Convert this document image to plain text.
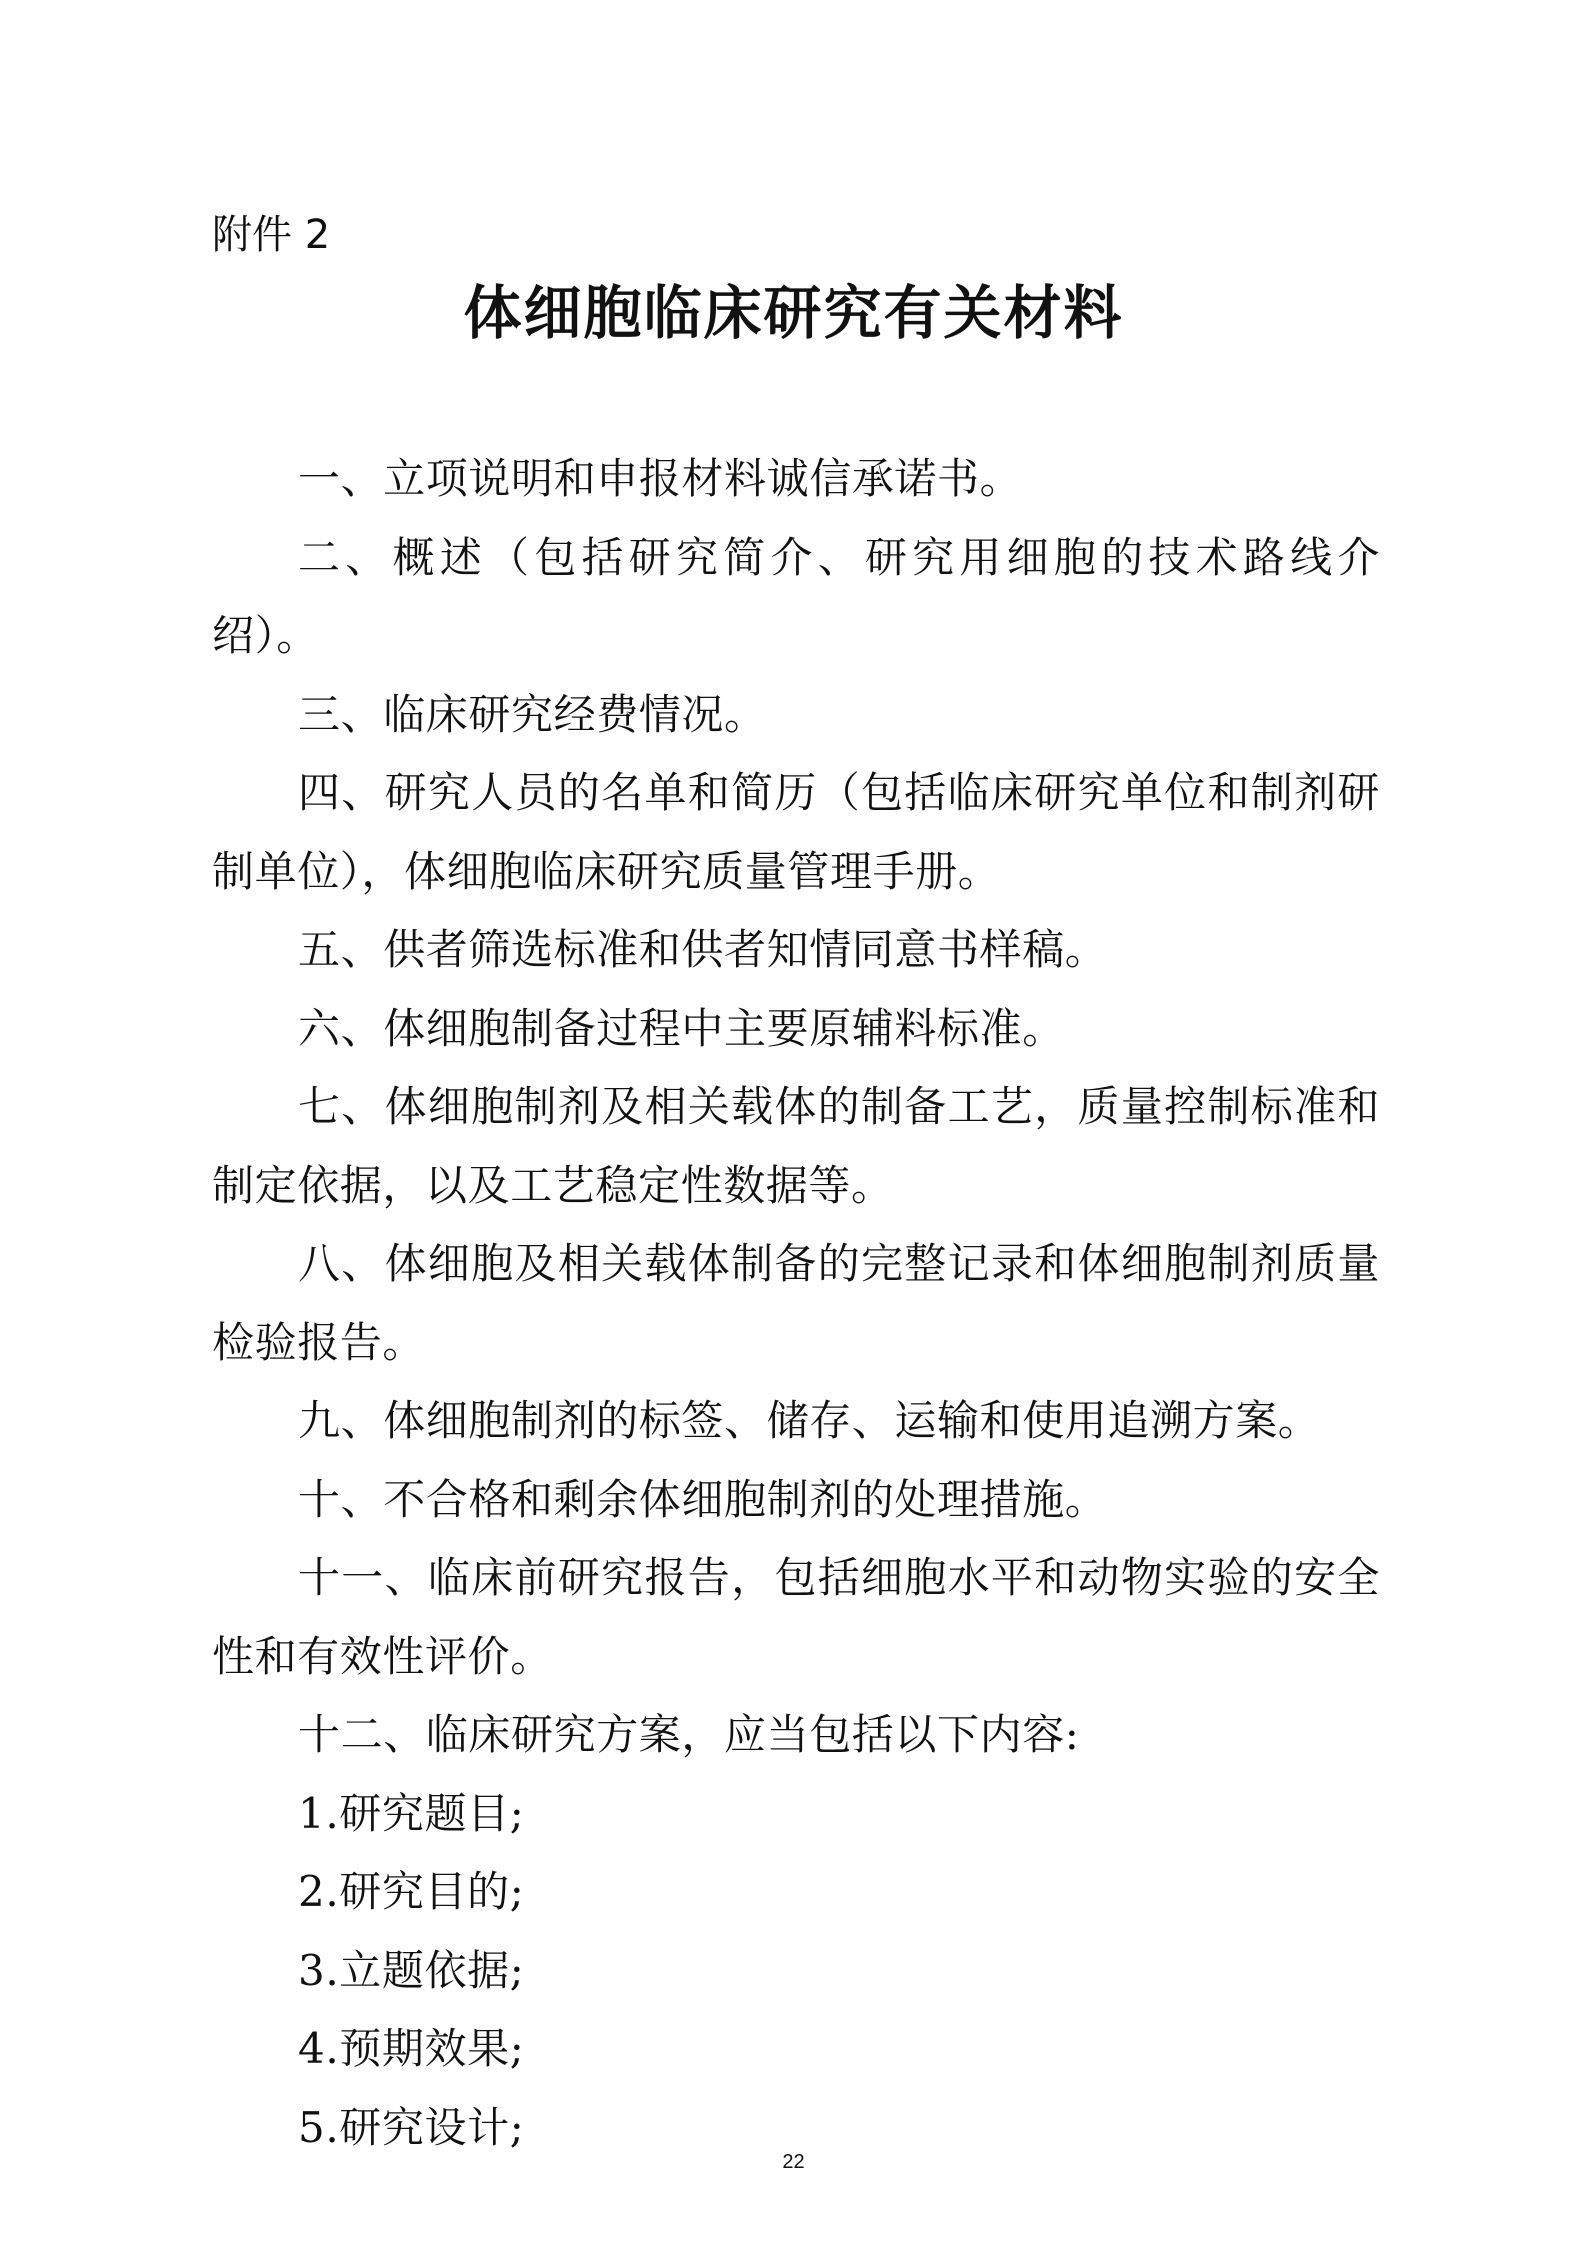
附件 2
体细胞临床研究有关材料

一、立项说明和申报材料诚信承诺书。

二、概述（包括研究简介、研究用细胞的技术路线介绍）。

三、临床研究经费情况。

四、研究人员的名单和简历（包括临床研究单位和制剂研制单位），体细胞临床研究质量管理手册。

五、供者筛选标准和供者知情同意书样稿。

六、体细胞制备过程中主要原辅料标准。

七、体细胞制剂及相关载体的制备工艺，质量控制标准和制定依据，以及工艺稳定性数据等。

八、体细胞及相关载体制备的完整记录和体细胞制剂质量检验报告。

九、体细胞制剂的标签、储存、运输和使用追溯方案。

十、不合格和剩余体细胞制剂的处理措施。

十一、临床前研究报告，包括细胞水平和动物实验的安全性和有效性评价。

十二、临床研究方案，应当包括以下内容:

1.研究题目;

2.研究目的;

3.立题依据;

4.预期效果;

5.研究设计;

22
